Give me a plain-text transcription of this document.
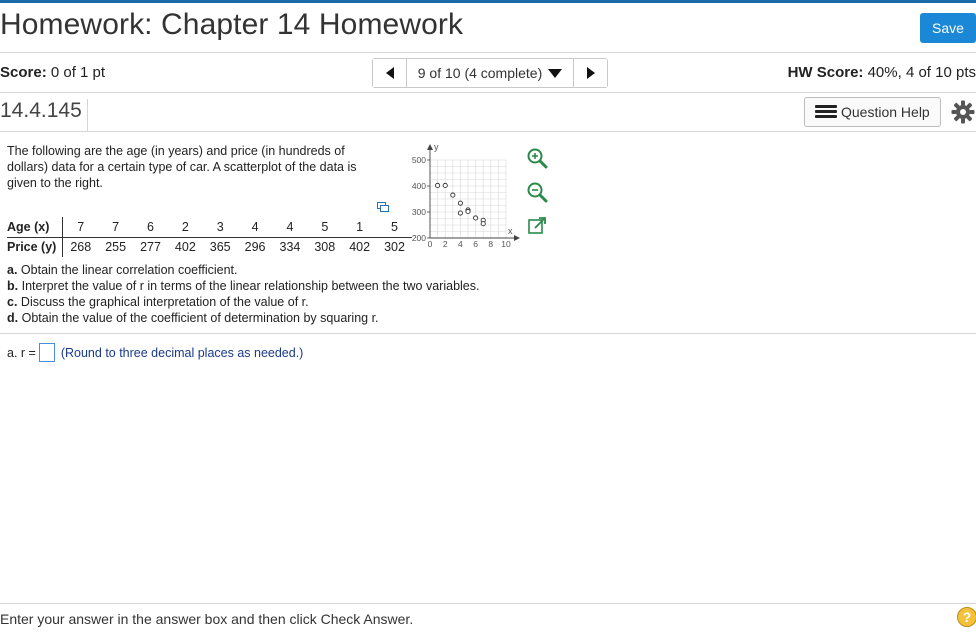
Homework: Chapter 14 Homework	Save
Score: 0 of 1 pt	9 of 10 (4 complete)	HW Score: 40%, 4 of 10 pts
14.4.145	Question Help
The following are the age (in years) and price (in hundreds of dollars) data for a certain type of car. A scatterplot of the data is given to the right.
Age (x)	7	7	6	2	3	4	4	5	1	5
Price (y)	268	255	277	402	365	296	334	308	402	302
200
300
400
500
0 2 4 6 8 10
y
x
a. Obtain the linear correlation coefficient.
b. Interpret the value of r in terms of the linear relationship between the two variables.
c. Discuss the graphical interpretation of the value of r.
d. Obtain the value of the coefficient of determination by squaring r.
a. r = (Round to three decimal places as needed.)
Enter your answer in the answer box and then click Check Answer.	?
